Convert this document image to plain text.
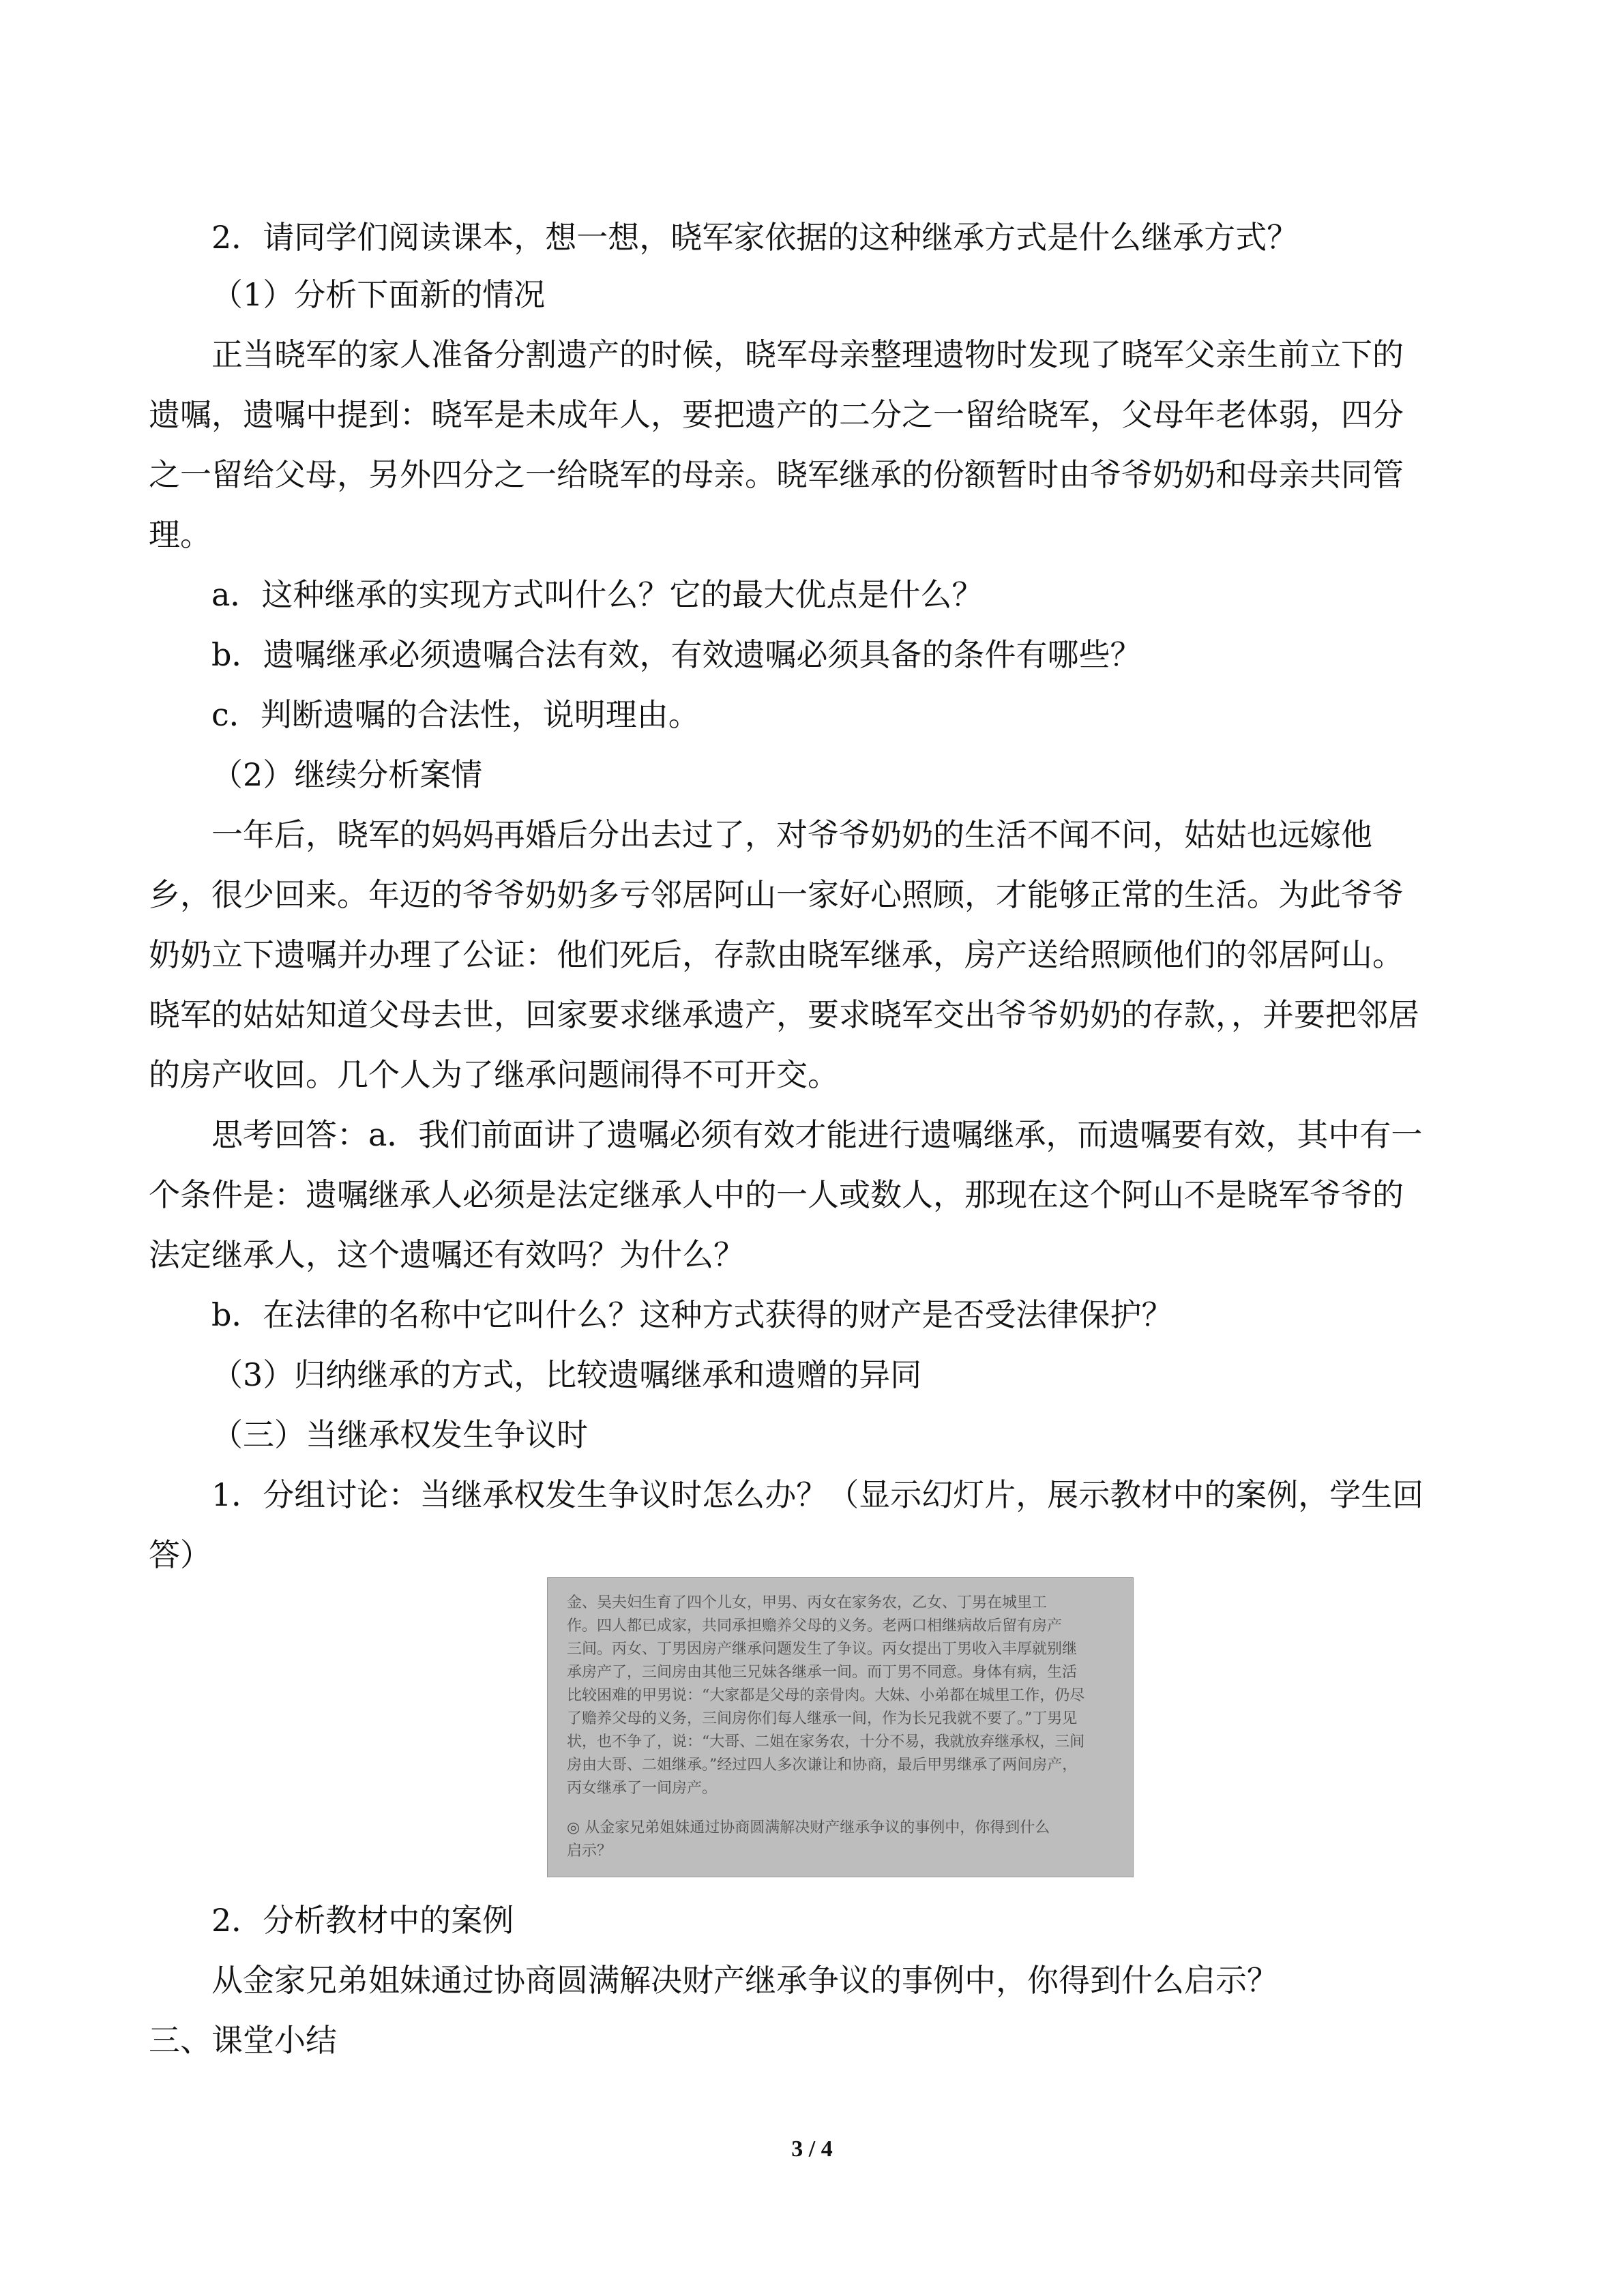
2．请同学们阅读课本，想一想，晓军家依据的这种继承方式是什么继承方式？
（1）分析下面新的情况
正当晓军的家人准备分割遗产的时候，晓军母亲整理遗物时发现了晓军父亲生前立下的
遗嘱，遗嘱中提到：晓军是未成年人，要把遗产的二分之一留给晓军，父母年老体弱，四分
之一留给父母，另外四分之一给晓军的母亲。晓军继承的份额暂时由爷爷奶奶和母亲共同管
理。
a．这种继承的实现方式叫什么？它的最大优点是什么？
b．遗嘱继承必须遗嘱合法有效，有效遗嘱必须具备的条件有哪些？
c．判断遗嘱的合法性，说明理由。
（2）继续分析案情
一年后，晓军的妈妈再婚后分出去过了，对爷爷奶奶的生活不闻不问，姑姑也远嫁他
乡，很少回来。年迈的爷爷奶奶多亏邻居阿山一家好心照顾，才能够正常的生活。为此爷爷
奶奶立下遗嘱并办理了公证：他们死后，存款由晓军继承，房产送给照顾他们的邻居阿山。
晓军的姑姑知道父母去世，回家要求继承遗产，要求晓军交出爷爷奶奶的存款，，并要把邻居
的房产收回。几个人为了继承问题闹得不可开交。
思考回答：a．我们前面讲了遗嘱必须有效才能进行遗嘱继承，而遗嘱要有效，其中有一
个条件是：遗嘱继承人必须是法定继承人中的一人或数人，那现在这个阿山不是晓军爷爷的
法定继承人，这个遗嘱还有效吗？为什么？
b．在法律的名称中它叫什么？这种方式获得的财产是否受法律保护？
（3）归纳继承的方式，比较遗嘱继承和遗赠的异同
（三）当继承权发生争议时
1．分组讨论：当继承权发生争议时怎么办？（显示幻灯片，展示教材中的案例，学生回
答）
金、吴夫妇生育了四个儿女，甲男、丙女在家务农，乙女、丁男在城里工
作。四人都已成家，共同承担赡养父母的义务。老两口相继病故后留有房产
三间。丙女、丁男因房产继承问题发生了争议。丙女提出丁男收入丰厚就别继
承房产了，三间房由其他三兄妹各继承一间。而丁男不同意。身体有病，生活
比较困难的甲男说：“大家都是父母的亲骨肉。大妹、小弟都在城里工作，仍尽
了赡养父母的义务，三间房你们每人继承一间，作为长兄我就不要了。”丁男见
状，也不争了，说：“大哥、二姐在家务农，十分不易，我就放弃继承权，三间
房由大哥、二姐继承。”经过四人多次谦让和协商，最后甲男继承了两间房产，
丙女继承了一间房产。
◎ 从金家兄弟姐妹通过协商圆满解决财产继承争议的事例中，你得到什么
启示？
2．分析教材中的案例
从金家兄弟姐妹通过协商圆满解决财产继承争议的事例中，你得到什么启示？
三、课堂小结
3 / 4
